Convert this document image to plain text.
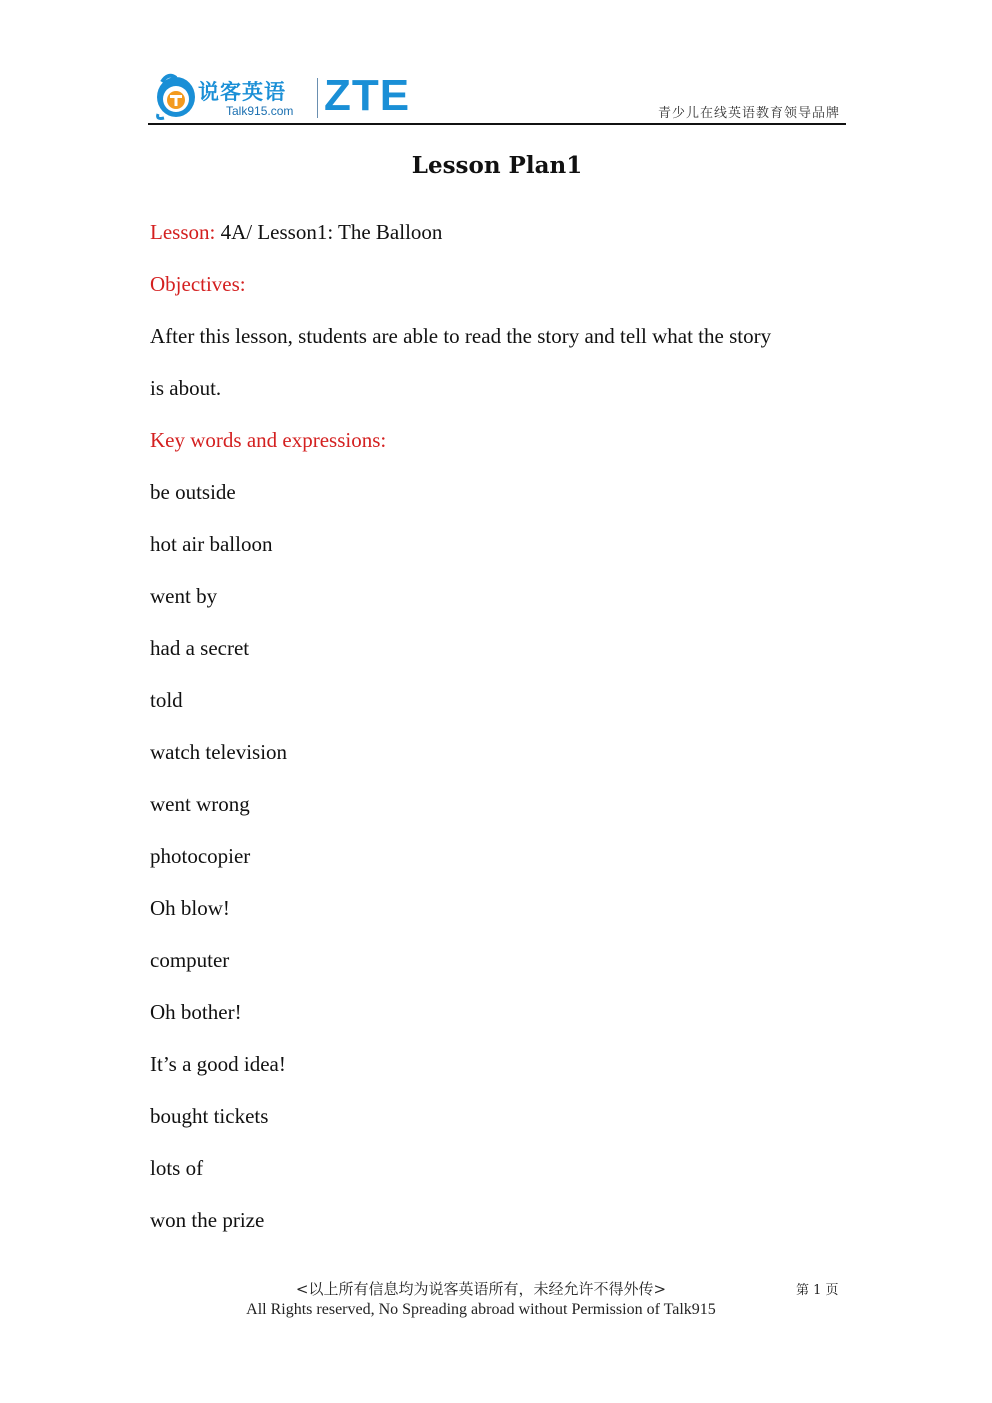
说客英语
Talk915.com ZTE	青少儿在线英语教育领导品牌
Lesson Plan1
Lesson: 4A/ Lesson1: The Balloon
Objectives:
After this lesson, students are able to read the story and tell what the story
is about.
Key words and expressions:
be outside
hot air balloon
went by
had a secret
told
watch television
went wrong
photocopier
Oh blow!
computer
Oh bother!
It’s a good idea!
bought tickets
lots of
won the prize
<以上所有信息均为说客英语所有，未经允许不得外传>
All Rights reserved, No Spreading abroad without Permission of Talk915
第 1 页
